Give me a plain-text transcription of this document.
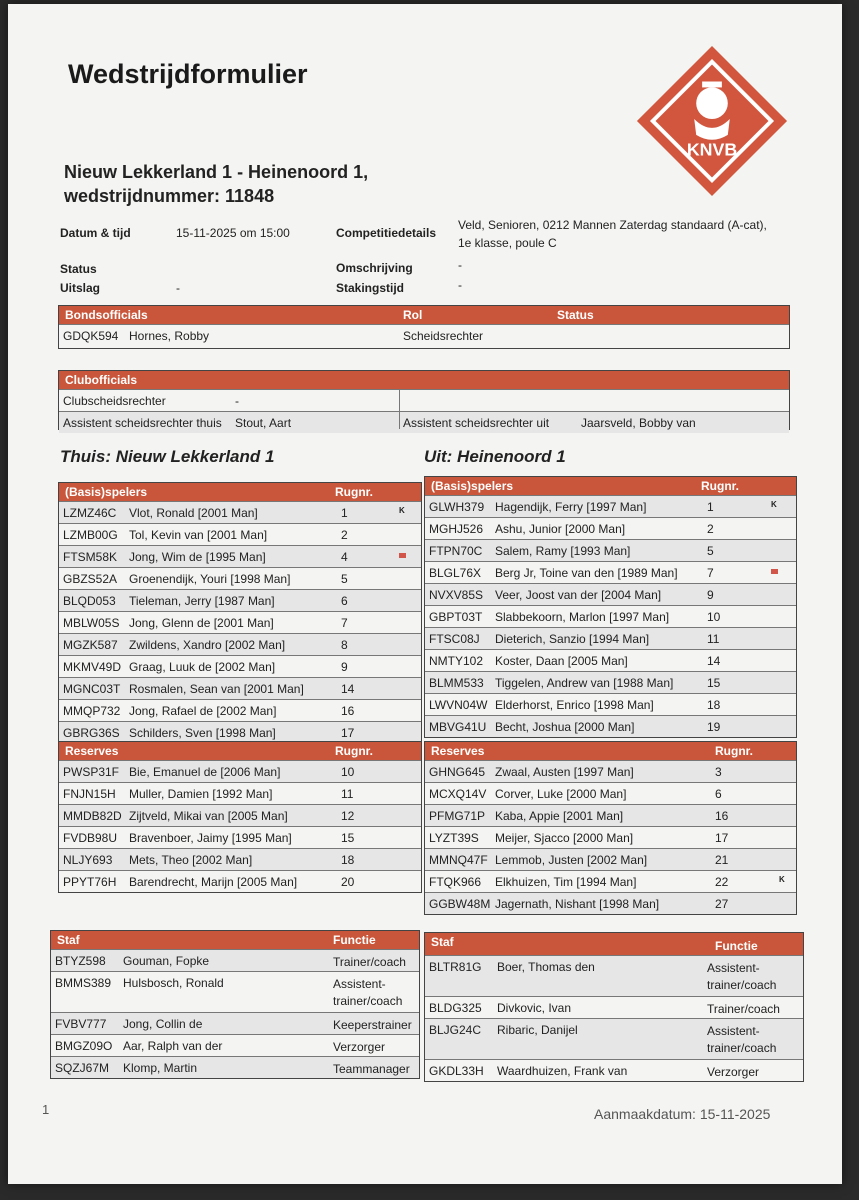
Wedstrijdformulier
Nieuw Lekkerland 1 - Heinenoord 1,
wedstrijdnummer: 11848
KNVB
Datum & tijd	15-11-2025 om 15:00
Status
Uitslag	-
Competitiedetails
Veld, Senioren, 0212 Mannen Zaterdag standaard (A-cat),
1e klasse, poule C
Omschrijving	-
Stakingstijd	-
Bondsofficials	Rol	Status
GDQK594 Hornes, Robby	Scheidsrechter
Clubofficials
Clubscheidsrechter	-
Assistent scheidsrechter thuis Stout, Aart	Assistent scheidsrechter uit	Jaarsveld, Bobby van
Thuis: Nieuw Lekkerland 1	Uit: Heinenoord 1
(Basis)spelers	Rugnr.
LZMZ46C Vlot, Ronald [2001 Man]	1	K
LZMB00G Tol, Kevin van [2001 Man]	2
FTSM58K Jong, Wim de [1995 Man]	4
GBZS52A Groenendijk, Youri [1998 Man]	5
BLQD053 Tieleman, Jerry [1987 Man]	6
MBLW05S Jong, Glenn de [2001 Man]	7
MGZK587 Zwildens, Xandro [2002 Man]	8
MKMV49D Graag, Luuk de [2002 Man]	9
MGNC03T Rosmalen, Sean van [2001 Man]	14
MMQP732 Jong, Rafael de [2002 Man]	16
GBRG36S Schilders, Sven [1998 Man]	17
(Basis)spelers	Rugnr.
GLWH379 Hagendijk, Ferry [1997 Man]	1	K
MGHJ526 Ashu, Junior [2000 Man]	2
FTPN70C Salem, Ramy [1993 Man]	5
BLGL76X Berg Jr, Toine van den [1989 Man] 7
NVXV85S Veer, Joost van der [2004 Man]	9
GBPT03T Slabbekoorn, Marlon [1997 Man]	10
FTSC08J Dieterich, Sanzio [1994 Man]	11
NMTY102 Koster, Daan [2005 Man]	14
BLMM533 Tiggelen, Andrew van [1988 Man]	15
LWVN04W Elderhorst, Enrico [1998 Man]	18
MBVG41U Becht, Joshua [2000 Man]	19
Reserves	Rugnr.
PWSP31F Bie, Emanuel de [2006 Man]	10
FNJN15H Muller, Damien [1992 Man]	11
MMDB82D Zijtveld, Mikai van [2005 Man]	12
FVDB98U Bravenboer, Jaimy [1995 Man]	15
NLJY693 Mets, Theo [2002 Man]	18
PPYT76H Barendrecht, Marijn [2005 Man]	20
Reserves	Rugnr.
GHNG645 Zwaal, Austen [1997 Man]	3
MCXQ14V Corver, Luke [2000 Man]	6
PFMG71P Kaba, Appie [2001 Man]	16
LYZT39S Meijer, Sjacco [2000 Man]	17
MMNQ47F Lemmob, Justen [2002 Man]	21
FTQK966 Elkhuizen, Tim [1994 Man]	22	K
GGBW48M Jagernath, Nishant [1998 Man]	27
Staf	Functie
BTYZ598 Gouman, Fopke	Trainer/coach
BMMS389 Hulsbosch, Ronald	Assistent-
trainer/coach
FVBV777 Jong, Collin de	Keeperstrainer
BMGZ09O Aar, Ralph van der	Verzorger
SQZJ67M Klomp, Martin	Teammanager
Staf	Functie
BLTR81G Boer, Thomas den	Assistent-
trainer/coach
BLDG325 Divkovic, Ivan	Trainer/coach
BLJG24C Ribaric, Danijel	Assistent-
trainer/coach
GKDL33H Waardhuizen, Frank van	Verzorger
1	Aanmaakdatum: 15-11-2025
